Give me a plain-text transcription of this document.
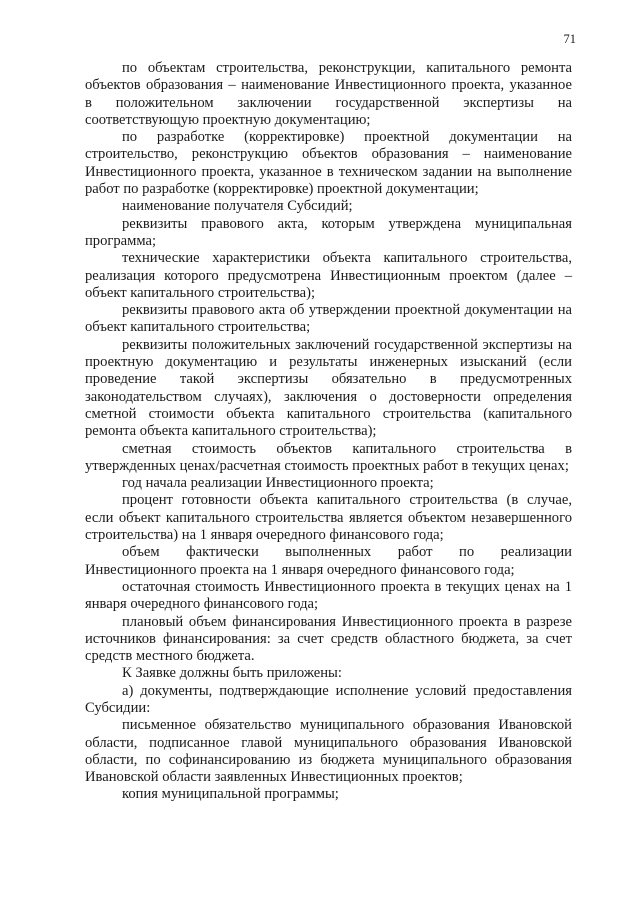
71

по объектам строительства, реконструкции, капитального ремонта объектов образования – наименование Инвестиционного проекта, указанное в положительном заключении государственной экспертизы на соответствующую проектную документацию;

по разработке (корректировке) проектной документации на строительство, реконструкцию объектов образования – наименование Инвестиционного проекта, указанное в техническом задании на выполнение работ по разработке (корректировке) проектной документации;

наименование получателя Субсидий;

реквизиты правового акта, которым утверждена муниципальная программа;

технические характеристики объекта капитального строительства, реализация которого предусмотрена Инвестиционным проектом (далее – объект капитального строительства);

реквизиты правового акта об утверждении проектной документации на объект капитального строительства;

реквизиты положительных заключений государственной экспертизы на проектную документацию и результаты инженерных изысканий (если проведение такой экспертизы обязательно в предусмотренных законодательством случаях), заключения о достоверности определения сметной стоимости объекта капитального строительства (капитального ремонта объекта капитального строительства);

сметная стоимость объектов капитального строительства в утвержденных ценах/расчетная стоимость проектных работ в текущих ценах;

год начала реализации Инвестиционного проекта;

процент готовности объекта капитального строительства (в случае, если объект капитального строительства является объектом незавершенного строительства) на 1 января очередного финансового года;

объем фактически выполненных работ по реализации Инвестиционного проекта на 1 января очередного финансового года;

остаточная стоимость Инвестиционного проекта в текущих ценах на 1 января очередного финансового года;

плановый объем финансирования Инвестиционного проекта в разрезе источников финансирования: за счет средств областного бюджета, за счет средств местного бюджета.

К Заявке должны быть приложены:

а) документы, подтверждающие исполнение условий предоставления Субсидии:

письменное обязательство муниципального образования Ивановской области, подписанное главой муниципального образования Ивановской области, по софинансированию из бюджета муниципального образования Ивановской области заявленных Инвестиционных проектов;

копия муниципальной программы;
